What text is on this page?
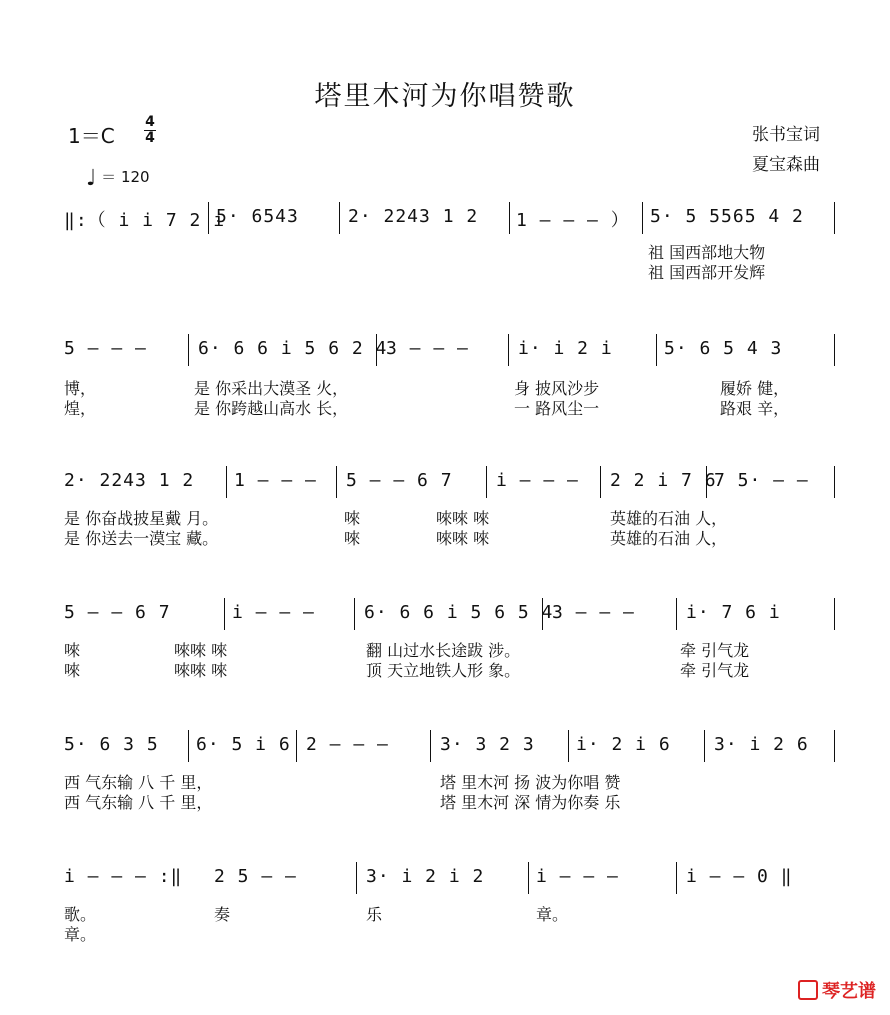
塔里木河为你唱赞歌
1＝C
4
4
♩ ＝ 120
张书宝词
夏宝森曲
‖:（ i i 7 2 i
5· 6543	2· 2243 1 2 1 — — — ） 5· 5 5565 4 2
祖 国西部地大物
祖 国西部开发辉
5 — — —	6· 6 6 i 5 6 2 4
3 — — —	i· i 2 i	5· 6 5 4 3
博，
煌，
是 你采出大漠圣 火，
是 你跨越山高水 长，
身 披风沙步
一 路风尘一
履娇 健，
路艰 辛，
2· 2243 1 2 1 — — — 5 — — 6 7 i — — — 2 2 i 7 6
7 5· — —
是 你奋战披星戴 月。
是 你送去一漠宝 藏。
唻
唻
唻唻 唻
唻唻 唻
英雄的石油 人，
英雄的石油 人，
5 — — 6 7	i — — —	6· 6 6 i 5 6 5 4
3 — — —	i· 7 6 i
唻
唻
唻唻 唻
唻唻 唻
翻 山过水长途跋 涉。
顶 天立地铁人形 象。
牵 引气龙
牵 引气龙
5· 6 3 5 6· 5 i 6 2 — — —	3· 3 2 3 i· 2 i 6 3· i 2 6
西 气东输 八 千 里，
西 气东输 八 千 里，
塔 里木河 扬 波为你唱 赞
塔 里木河 深 情为你奏 乐
i — — — :‖ 2 5 — —	3· i 2 i 2	i — — —	i — — 0 ‖
歌。
章。
奏	乐	章。
琴艺谱
